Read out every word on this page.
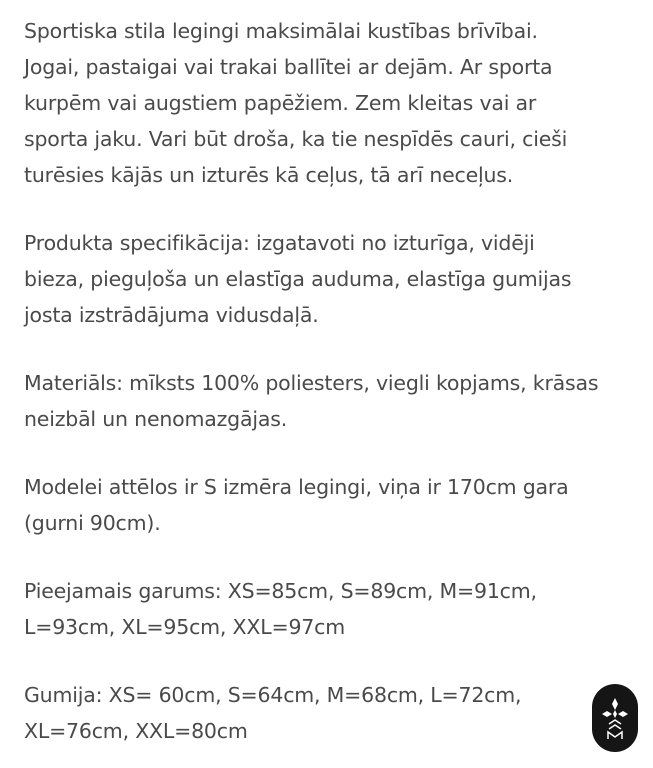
Sportiska stila legingi maksimālai kustības brīvībai.
Jogai, pastaigai vai trakai ballītei ar dejām. Ar sporta
kurpēm vai augstiem papēžiem. Zem kleitas vai ar
sporta jaku. Vari būt droša, ka tie nespīdēs cauri, cieši
turēsies kājās un izturēs kā ceļus, tā arī neceļus.

Produkta specifikācija: izgatavoti no izturīga, vidēji
bieza, pieguļoša un elastīga auduma, elastīga gumijas
josta izstrādājuma vidusdaļā.

Materiāls: mīksts 100% poliesters, viegli kopjams, krāsas
neizbāl un nenomazgājas.

Modelei attēlos ir S izmēra legingi, viņa ir 170cm gara
(gurni 90cm).

Pieejamais garums: XS=85cm, S=89cm, M=91cm,
L=93cm, XL=95cm, XXL=97cm

Gumija: XS= 60cm, S=64cm, M=68cm, L=72cm,
XL=76cm, XXL=80cm
